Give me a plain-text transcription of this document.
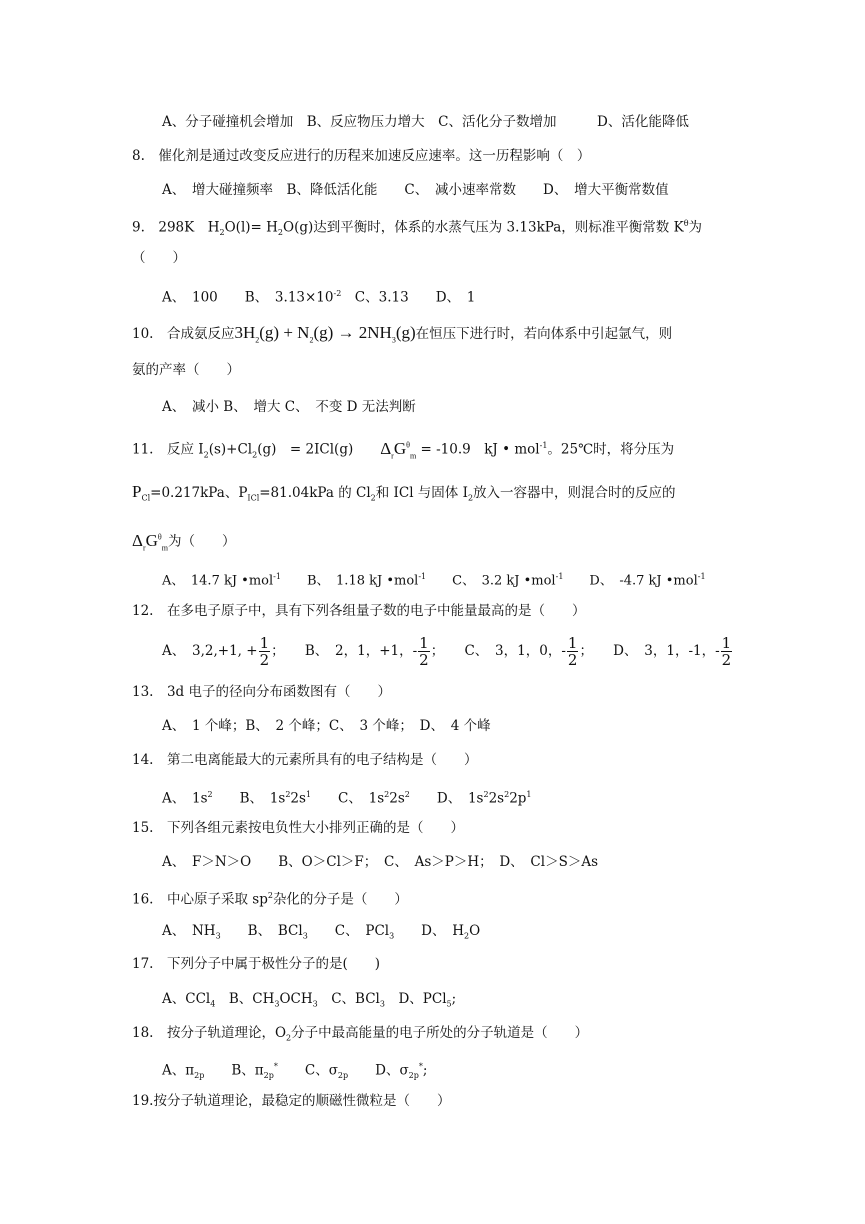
A、分子碰撞机会增加　B、反应物压力增大　C、活化分子数增加　　　D、活化能降低
8.　催化剂是通过改变反应进行的历程来加速反应速率。这一历程影响（　）
A、　增大碰撞频率　B、降低活化能　　C、　减小速率常数　　D、　增大平衡常数值
9.　298K　$H_2O(l)= H_2O(g)$达到平衡时，体系的水蒸气压为 3.13kPa，则标准平衡常数 $K^\theta$为
（　　）
A、　100　　B、　$3.13\times 10^{-2}$　 C、3.13　　D、　1
10.　合成氨反应$3H_2(g) + N_2(g) \to 2NH_3(g)$在恒压下进行时，若向体系中引起氩气，则
氨的产率（　　）
A、　减小 B、　增大 C、　不变 D 无法判断
11.　反应 $I_2(s)+Cl_2(g)$　= 2ICl(g)　　 $\Delta_rG^\theta_m = -10.9$　kJ • mol$^{-1}$。25℃时，将分压为
$P_{Cl}=0.217kPa$、$P_{ICl}=81.04kPa$ 的 $Cl_2$和 ICl 与固体 $I_2$放入一容器中，则混合时的反应的
$\Delta_rG^\theta_m$为（　　）
A、　14.7 kJ •mol$^{-1}$　　 B、　1.18 kJ •mol$^{-1}$　　 C、　3.2 kJ •mol$^{-1}$　　 D、　-4.7 kJ •mol$^{-1}$
12.　在多电子原子中，具有下列各组量子数的电子中能量最高的是（　　）
A、　3,2,+1, + $\frac{1}{2}$ ；　　B、　2，1，+1，- $\frac{1}{2}$ ；　　C、　3，1，0，- $\frac{1}{2}$ ；　　D、　3，1，-1，- $\frac{1}{2}$
13.　3d 电子的径向分布函数图有（　　）
A、　1 个峰；B、　2 个峰；C、　3 个峰；　D、　4 个峰
14.　第二电离能最大的元素所具有的电子结构是（　　）
A、　$1s^2$　　B、　$1s^22s^1$　　C、　$1s^22s^2$　　D、　$1s^22s^22p^1$
15.　下列各组元素按电负性大小排列正确的是（　　）
A、　F＞N＞O　　B、O＞Cl＞F；　C、　As＞P＞H；　D、　Cl＞S＞As
16.　中心原子采取 $sp^2$杂化的分子是（　　）
A、　$NH_3$　　B、　BCl$_3$　　C、　PCl$_3$　　D、　$H_2O$
17.　下列分子中属于极性分子的是(　　)
A、CCl$_4$　B、$CH_3OCH_3$　C、BCl$_3$　D、PCl$_5$;
18.　按分子轨道理论，$O_2$分子中最高能量的电子所处的分子轨道是（　　）
A、$\pi_{2p}$　　B、$\pi_{2p}^*$　　C、$\sigma_{2p}$　　D、$\sigma_{2p}^*$;
19.按分子轨道理论，最稳定的顺磁性微粒是（　　）
